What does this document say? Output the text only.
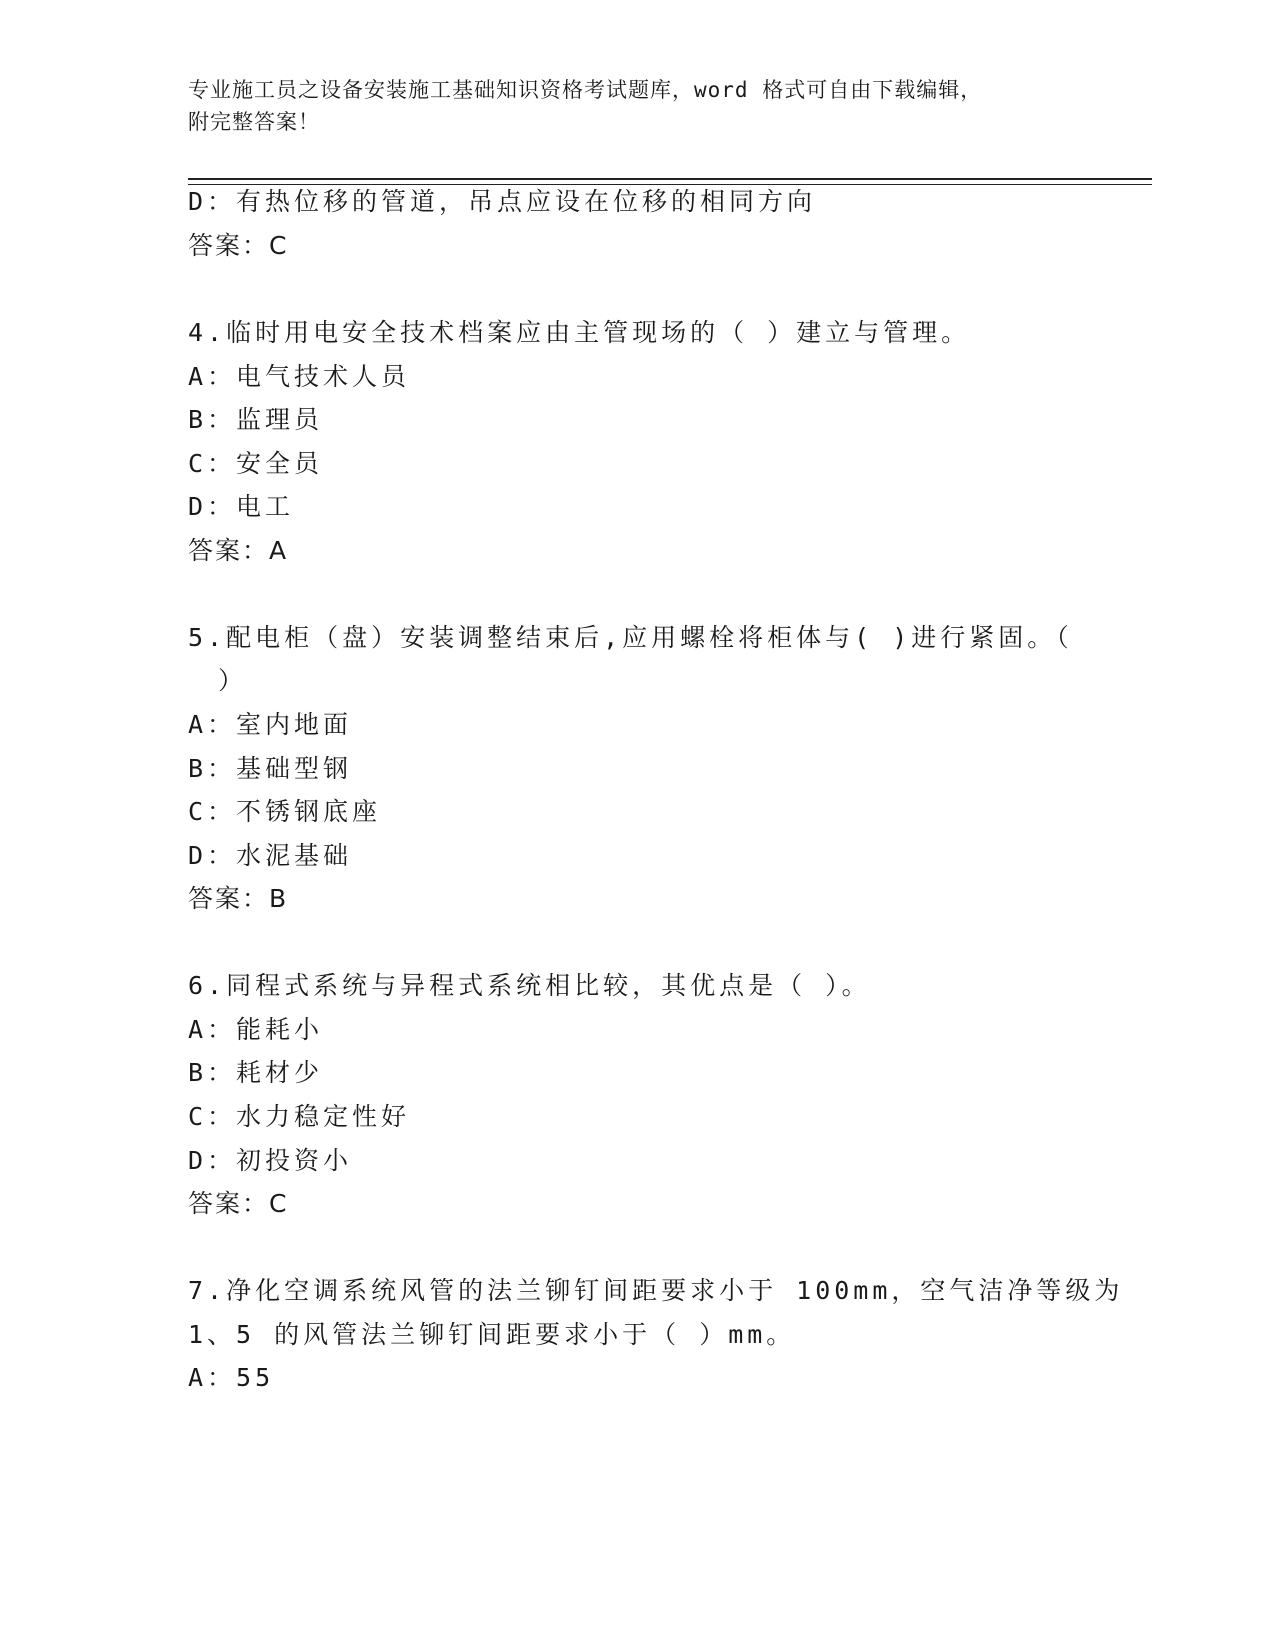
专业施工员之设备安装施工基础知识资格考试题库，word 格式可自由下载编辑，
附完整答案！
D：有热位移的管道，吊点应设在位移的相同方向
答案：C
4.临时用电安全技术档案应由主管现场的（ ）建立与管理。
A：电气技术人员
B：监理员
C：安全员
D：电工
答案：A
5.配电柜（盘）安装调整结束后,应用螺栓将柜体与( )进行紧固。（
）
A：室内地面
B：基础型钢
C：不锈钢底座
D：水泥基础
答案：B
6.同程式系统与异程式系统相比较，其优点是（ ）。
A：能耗小
B：耗材少
C：水力稳定性好
D：初投资小
答案：C
7.净化空调系统风管的法兰铆钉间距要求小于 100mm，空气洁净等级为
1、5 的风管法兰铆钉间距要求小于（ ）mm。
A：55
